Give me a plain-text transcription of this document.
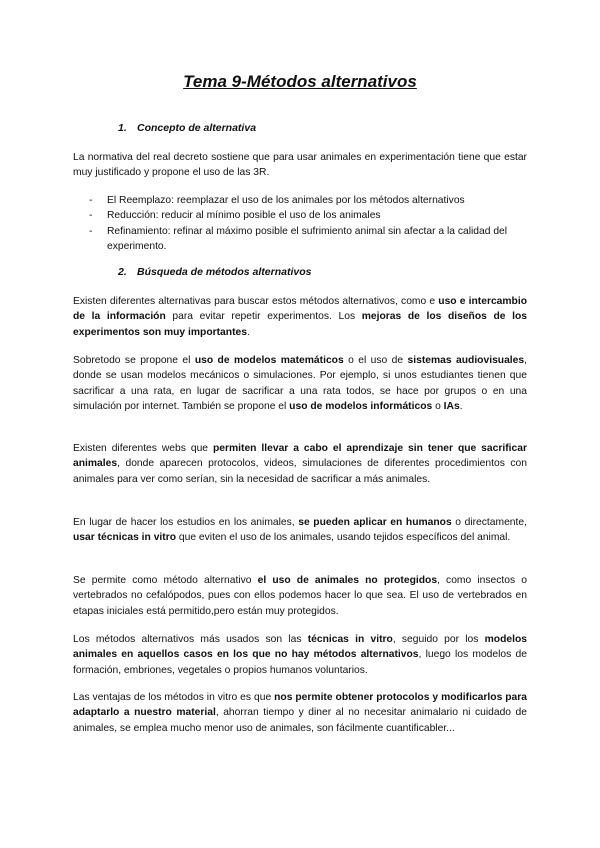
Tema 9-Métodos alternativos
1. Concepto de alternativa
La normativa del real decreto sostiene que para usar animales en experimentación tiene que estar muy justificado y propone el uso de las 3R.
- El Reemplazo: reemplazar el uso de los animales por los métodos alternativos
- Reducción: reducir al mínimo posible el uso de los animales
- Refinamiento: refinar al máximo posible el sufrimiento animal sin afectar a la calidad del experimento.
2. Búsqueda de métodos alternativos
Existen diferentes alternativas para buscar estos métodos alternativos, como e uso e intercambio de la información para evitar repetir experimentos. Los mejoras de los diseños de los experimentos son muy importantes.
Sobretodo se propone el uso de modelos matemáticos o el uso de sistemas audiovisuales, donde se usan modelos mecánicos o simulaciones. Por ejemplo, si unos estudiantes tienen que sacrificar a una rata, en lugar de sacrificar a una rata todos, se hace por grupos o en una simulación por internet. También se propone el uso de modelos informáticos o IAs.
Existen diferentes webs que permiten llevar a cabo el aprendizaje sin tener que sacrificar animales, donde aparecen protocolos, videos, simulaciones de diferentes procedimientos con animales para ver como serían, sin la necesidad de sacrificar a más animales.
En lugar de hacer los estudios en los animales, se pueden aplicar en humanos o directamente, usar técnicas in vitro que eviten el uso de los animales, usando tejidos específicos del animal.
Se permite como método alternativo el uso de animales no protegidos, como insectos o vertebrados no cefalópodos, pues con ellos podemos hacer lo que sea. El uso de vertebrados en etapas iniciales está permitido,pero están muy protegidos.
Los métodos alternativos más usados son las técnicas in vitro, seguido por los modelos animales en aquellos casos en los que no hay métodos alternativos, luego los modelos de formación, embriones, vegetales o propios humanos voluntarios.
Las ventajas de los métodos in vitro es que nos permite obtener protocolos y modificarlos para adaptarlo a nuestro material, ahorran tiempo y diner al no necesitar animalario ni cuidado de animales, se emplea mucho menor uso de animales, son fácilmente cuantificabler...
